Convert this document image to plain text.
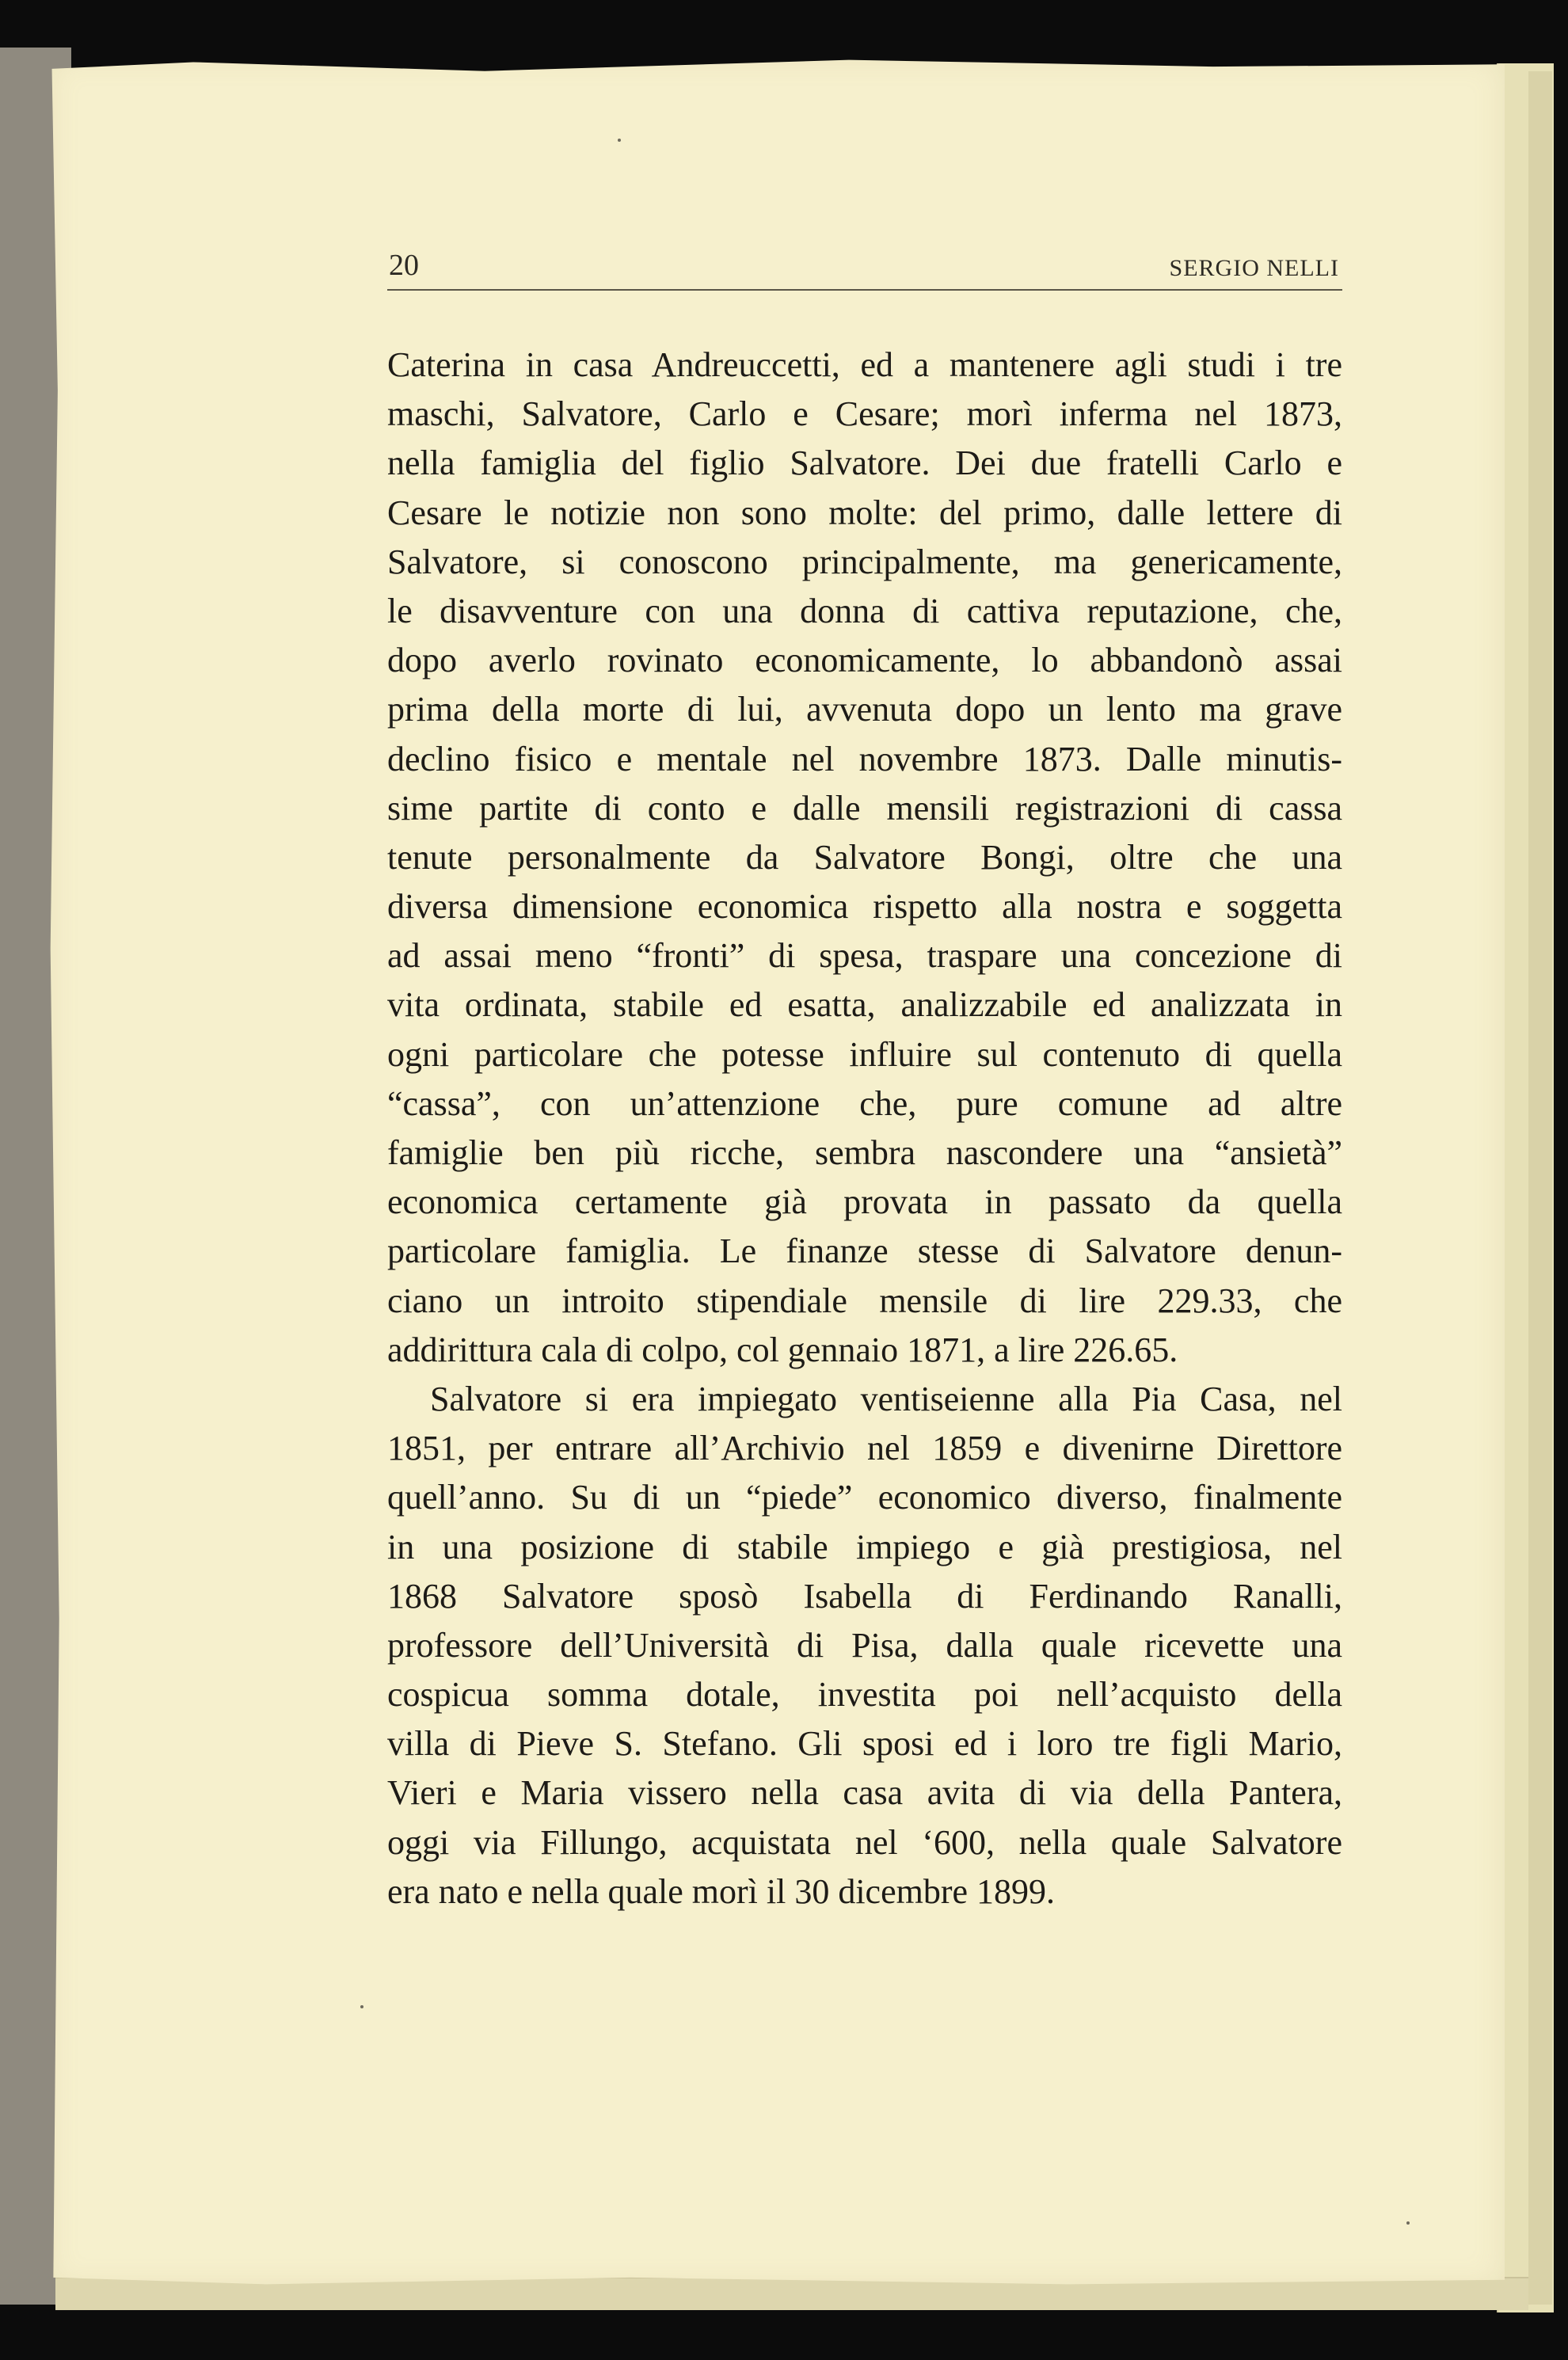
20	SERGIO NELLI
Caterina in casa Andreuccetti, ed a mantenere agli studi i tre
maschi, Salvatore, Carlo e Cesare; morì inferma nel 1873,
nella famiglia del figlio Salvatore. Dei due fratelli Carlo e
Cesare le notizie non sono molte: del primo, dalle lettere di
Salvatore, si conoscono principalmente, ma genericamente,
le disavventure con una donna di cattiva reputazione, che,
dopo averlo rovinato economicamente, lo abbandonò assai
prima della morte di lui, avvenuta dopo un lento ma grave
declino fisico e mentale nel novembre 1873. Dalle minutis-
sime partite di conto e dalle mensili registrazioni di cassa
tenute personalmente da Salvatore Bongi, oltre che una
diversa dimensione economica rispetto alla nostra e soggetta
ad assai meno “fronti” di spesa, traspare una concezione di
vita ordinata, stabile ed esatta, analizzabile ed analizzata in
ogni particolare che potesse influire sul contenuto di quella
“cassa”, con un’attenzione che, pure comune ad altre
famiglie ben più ricche, sembra nascondere una “ansietà”
economica certamente già provata in passato da quella
particolare famiglia. Le finanze stesse di Salvatore denun-
ciano un introito stipendiale mensile di lire 229.33, che
addirittura cala di colpo, col gennaio 1871, a lire 226.65.
Salvatore si era impiegato ventiseienne alla Pia Casa, nel
1851, per entrare all’Archivio nel 1859 e divenirne Direttore
quell’anno. Su di un “piede” economico diverso, finalmente
in una posizione di stabile impiego e già prestigiosa, nel
1868 Salvatore sposò Isabella di Ferdinando Ranalli,
professore dell’Università di Pisa, dalla quale ricevette una
cospicua somma dotale, investita poi nell’acquisto della
villa di Pieve S. Stefano. Gli sposi ed i loro tre figli Mario,
Vieri e Maria vissero nella casa avita di via della Pantera,
oggi via Fillungo, acquistata nel ‘600, nella quale Salvatore
era nato e nella quale morì il 30 dicembre 1899.
